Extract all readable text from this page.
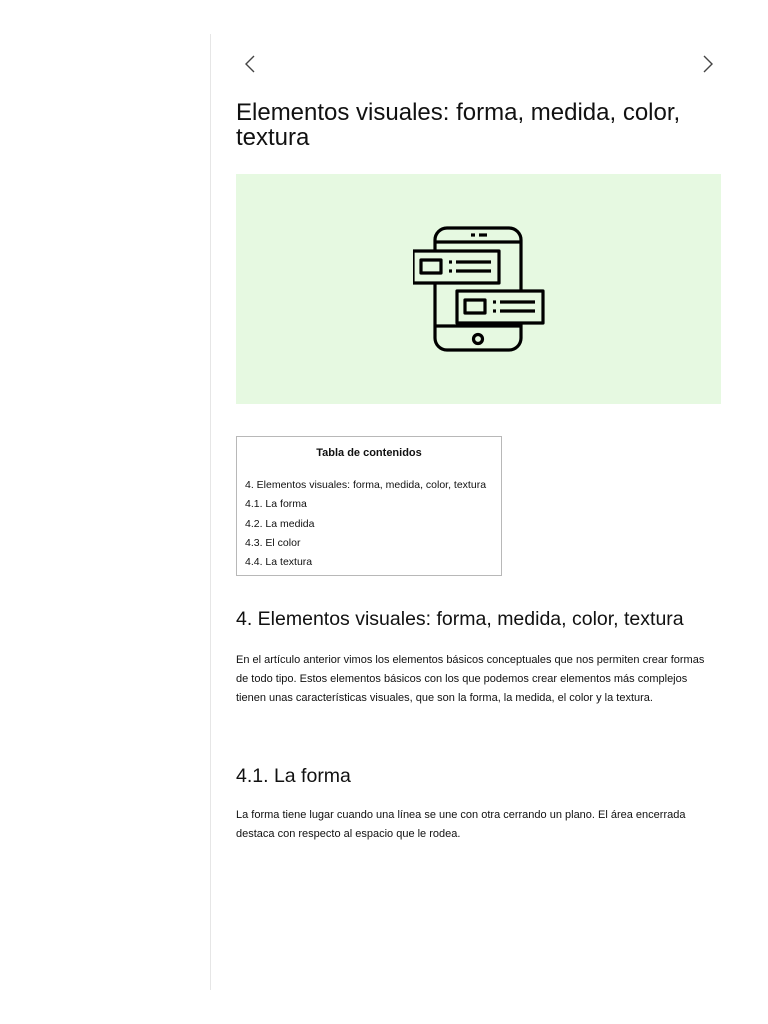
Elementos visuales: forma, medida, color, textura

Tabla de contenidos

4. Elementos visuales: forma, medida, color, textura
4.1. La forma
4.2. La medida
4.3. El color
4.4. La textura
4. Elementos visuales: forma, medida, color, textura

En el artículo anterior vimos los elementos básicos conceptuales que nos permiten crear formas de todo tipo. Estos elementos básicos con los que podemos crear elementos más complejos tienen unas características visuales, que son la forma, la medida, el color y la textura.

4.1. La forma

La forma tiene lugar cuando una línea se une con otra cerrando un plano. El área encerrada destaca con respecto al espacio que le rodea.
